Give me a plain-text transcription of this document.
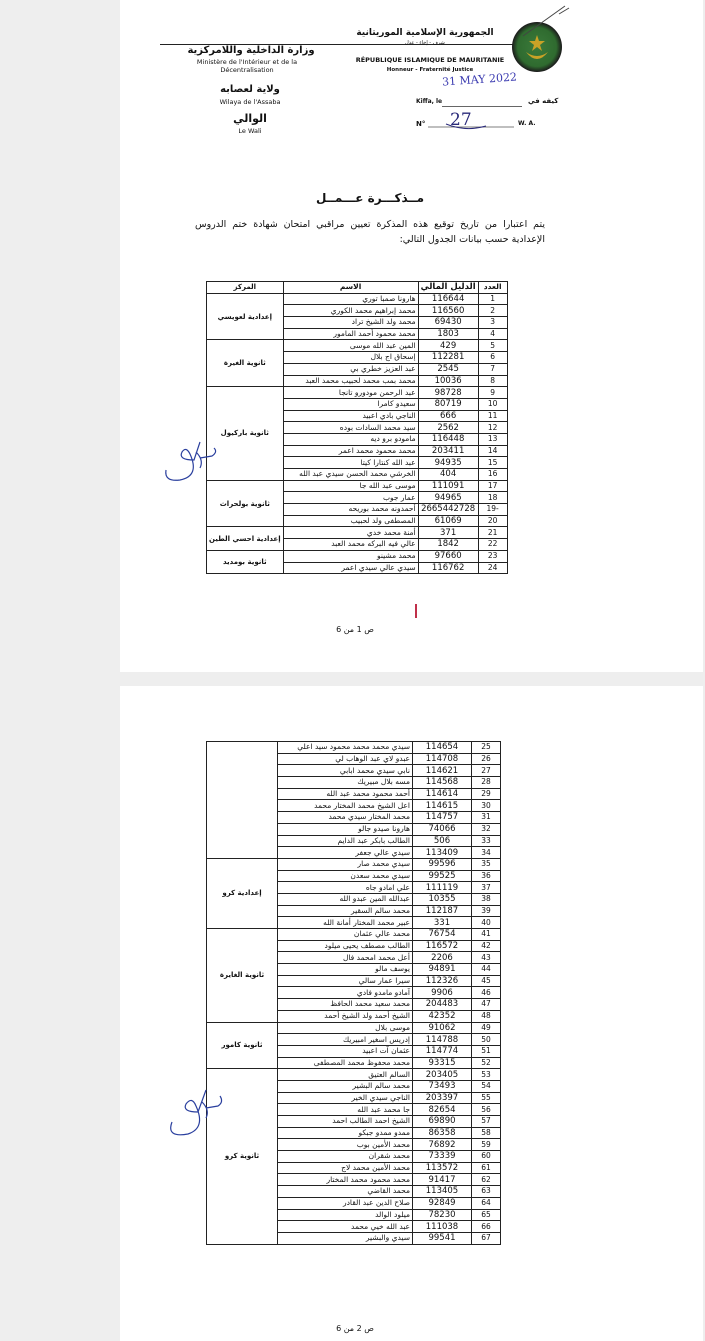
وزارة الداخلية واللامركزية
Ministère de l'Intérieur et de la Décentralisation
ولاية لعصابه
Wilaya de l'Assaba
الوالي
Le Wali
الجمهورية الإسلامية الموريتانية
شرف - إخاء - عدل
RÉPUBLIQUE ISLAMIQUE DE MAURITANIE
Honneur - Fraternité Justice
31 MAY 2022
Kiffa, le	كيفه في
N° 27	W. A.
مــذكـــرة عـــمــل
يتم اعتبارا من تاريخ توقيع هذه المذكرة تعيين مراقبي امتحان شهادة ختم الدروس الإعدادية حسب بيانات الجدول التالي:
العدد	الدليل المالي	الاسم	المركز
1	116644	هارونا صمبا توري	إعدادية لعويسي
2	116560	محمد إبراهيم محمد الكوري	
3	69430	محمد ولد الشيخ تراد	
4	1803	محمد محمود أحمد المامور	
5	429	المين عبد الله موسى	ثانوية الغيرة
6	112281	إسحاق اج بلال	
7	2545	عبد العزيز خطري بي	
8	10036	محمد بمب محمد لحبيب محمد العبد	
9	98728	عبد الرحمن مودورو تانجا	ثانوية باركيول
10	80719	سعيدو كامرا	
11	666	الناجي بادي اعبيد	
12	2562	سيد محمد السادات بوده	
13	116448	مامودو برو ديه	
14	203411	محمد محمود محمد اعمر	
15	94935	عبد الله كنتارا كيتا	
16	404	الخرشي محمد الحسن سيدي عبد الله	
17	111091	موسى عبد الله جا	ثانوية بولحراث
18	94965	عمار جوب	
-19	2665442728	أحمدونه محمد بوريحه	
20	61069	المصطفى ولد لحبيب	
21	371	أمنة محمد خدي	إعدادية احسي الطين
22	1842	عالي فيه البركه محمد العبد	
23	97660	محمد مشينو	ثانوية بومديد
24	116762	سيدي عالي سيدي اعمر	
ص 1 من 6
25	114654	سيدي محمد محمد محمود سيد اعلي	
26	114708	عبدو لاي عبد الوهاب لي	
27	114621	نابي سيدي محمد ابابي	
28	114568	مسه بلال مبيريك	
29	114614	أحمد محمود محمد عبد الله	
30	114615	اعل الشيخ محمد المختار محمد	
31	114757	محمد المختار سيدي محمد	
32	74066	هارونا صيدو جالو	
33	506	الطالب بابكر عبد الدايم	
34	113409	سيدي عالي جعفر	
35	99596	سيدي محمد صار	إعدادية كرو
36	99525	سيدي محمد سعدن	
37	111119	علي امادو جاه	
38	10355	عبدالله المين عبدو الله	
39	112187	محمد سالم السقير	
40	331	عبير محمد المختار أمانة الله	
41	76754	محمد عالي عثمان	ثانوية الغايرة
42	116572	الطالب مصطف يحيى ميلود	
43	2206	أعل محمد امحمد فال	
44	94891	يوسف مالو	
45	112326	سيرا عمار سالي	
46	9906	آمادو مامدو فادي	
47	204483	محمد سعيد محمد الحافظ	
48	42352	الشيخ أحمد ولد الشيخ أحمد	
49	91062	موسى بلال	ثانوية كامور
50	114788	إدريس اسغير امبيريك	
51	114774	عثمان آت اعبيد	
52	93315	محمد محفوظ محمد المصطفى	
53	203405	السالم العتيق	ثانوية كرو
54	73493	محمد سالم البشير	
55	203397	الناجي سيدي الخير	
56	82654	جا محمد عبد الله	
57	69890	الشيخ احمد الطالب احمد	
58	86358	ممدو ممدو جبكو	
59	76892	محمد الأمين بوب	
60	73339	محمد شقران	
61	113572	محمد الأمين محمد لاج	
62	91417	محمد محمود محمد المختار	
63	113405	محمد القاضي	
64	92849	صلاح الدين عبد القادر	
65	78230	ميلود الوالد	
66	111038	عبد الله خيي محمد	
67	99541	سيدي والبشير	
ص 2 من 6
